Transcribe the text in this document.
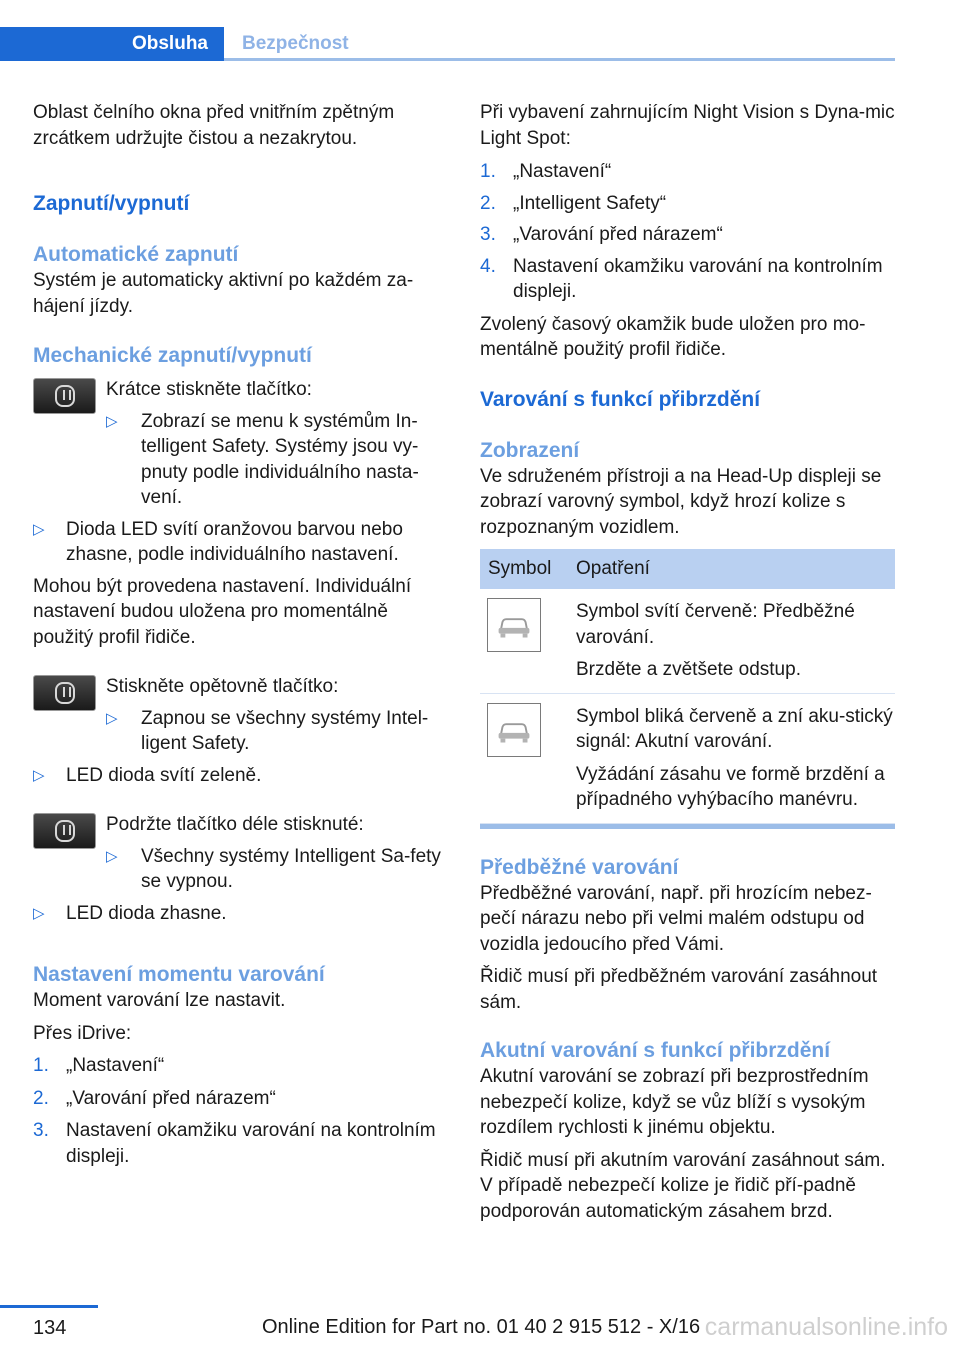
Obsluha	Bezpečnost

Oblast čelního okna před vnitřním zpětným zrcátkem udržujte čistou a nezakrytou.

Zapnutí/vypnutí
Automatické zapnutí

Systém je automaticky aktivní po každém za‐hájení jízdy.

Mechanické zapnutí/vypnutí

Krátce stiskněte tlačítko:

▷ Zobrazí se menu k systémům In‐telligent Safety. Systémy jsou vy‐pnuty podle individuálního nasta‐vení.
▷ Dioda LED svítí oranžovou barvou nebo zhasne, podle individuálního nastavení.

Mohou být provedena nastavení. Individuální nastavení budou uložena pro momentálně použitý profil řidiče.

Stiskněte opětovně tlačítko:

▷ Zapnou se všechny systémy Intel‐ligent Safety.
▷ LED dioda svítí zeleně.

Podržte tlačítko déle stisknuté:

▷ Všechny systémy Intelligent Sa‐fety se vypnou.
▷ LED dioda zhasne.
Nastavení momentu varování

Moment varování lze nastavit.

Přes iDrive:

1. „Nastavení“
2. „Varování před nárazem“
3. Nastavení okamžiku varování na kontrolním displeji.

Při vybavení zahrnujícím Night Vision s Dyna‐mic Light Spot:

1. „Nastavení“
2. „Intelligent Safety“
3. „Varování před nárazem“
4. Nastavení okamžiku varování na kontrolním displeji.

Zvolený časový okamžik bude uložen pro mo‐mentálně použitý profil řidiče.

Varování s funkcí přibrzdění
Zobrazení

Ve sdruženém přístroji a na Head-Up displeji se zobrazí varovný symbol, když hrozí kolize s rozpoznaným vozidlem.

Symbol	Opatření

Symbol svítí červeně: Předběžné varování.

Brzděte a zvětšete odstup.

Symbol bliká červeně a zní aku‐stický signál: Akutní varování.

Vyžádání zásahu ve formě brzdění a případného vyhýbacího manévru.

Předběžné varování

Předběžné varování, např. při hrozícím nebez‐pečí nárazu nebo při velmi malém odstupu od vozidla jedoucího před Vámi.

Řidič musí při předběžném varování zasáhnout sám.

Akutní varování s funkcí přibrzdění

Akutní varování se zobrazí při bezprostředním nebezpečí kolize, když se vůz blíží s vysokým rozdílem rychlosti k jinému objektu.

Řidič musí při akutním varování zasáhnout sám. V případě nebezpečí kolize je řidič pří‐padně podporován automatickým zásahem brzd.

134	Online Edition for Part no. 01 40 2 915 512 - X/16 carmanualsonline.info
